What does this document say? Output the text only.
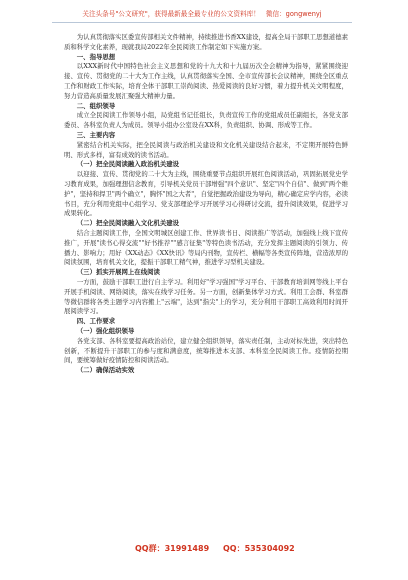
关注头条号"公文研究"，获得最新最全最专业的公文资料库！ 微信：gongwenyj

为认真贯彻落实区委宣传部相关文件精神，持续推进书香XX建设，提高全局干部职工思想道德素质和科学文化素养，现就我局2022年全民阅读工作制定如下实施方案。

一、指导思想

以XXX新时代中国特色社会主义思想和党的十九大和十九届历次全会精神为指导，紧紧围绕迎接、宣传、贯彻党的二十大为工作主线，认真贯彻落实全国、全市宣传部长会议精神，围绕全区重点工作和财政工作实际，培育全体干部职工崇尚阅读、热爱阅读的良好习惯，着力提升机关文明程度，努力营造高质量发展汇聚强大精神力量。

二、组织领导

成立全民阅读工作领导小组，局党组书记任组长，负责宣传工作的党组成员任副组长，各党支部委员、各科室负责人为成员。领导小组办公室设在XX科，负责组织、协调、形成等工作。

三、主要内容

紧密结合机关实际，把全民阅读与政治机关建设和文化机关建设结合起来，不定期开展特色鲜明、形式多样，富有成效的读书活动。

（一）把全民阅读融入政治机关建设

以迎接、宣传、贯彻党的二十大为主线，围绕重要节点组织开展红色阅读活动，巩固拓展党史学习教育成果，加强理想信念教育，引导机关党员干部增强"四个意识"、坚定"四个自信"、做到"两个维护"，坚持和捍卫"两个确立"，胸怀"国之大者"，自觉把握政治建设为导向，精心确定应学内容，必读书目，充分利用党组中心组学习、党支部理论学习开展学习心得研讨交流，提升阅读效果，促进学习成果转化。

（二）把全民阅读融入文化机关建设

结合主题阅读工作，全国文明城区创建工作、世界读书日、阅读推广等活动，加强线上线下宣传推广，开展"读书心得交流""好书推荐""感言征集"等特色读书活动，充分发挥主题阅读的引领力、传播力、影响力；用好《XX动态》《XX快讯》等局内刊物，宣传栏、横幅等各类宣传阵地，营造浓厚的阅读氛围，培育机关文化，提振干部职工精气神，推进学习型机关建设。

（三）抓实开展网上在线阅读

一方面，鼓励干部职工进行自主学习。利用好"学习强国"学习平台、干部教育培训网等线上平台开展手机阅读、网络阅读，落实在线学习任务。另一方面，创新集体学习方式。利用工会群、科室群等微信群将各类主题学习内容搬上"云端"，达到"指尖"上的学习，充分利用干部职工高效利用时间开展阅读学习。

四、工作要求
（一）强化组织领导

各党支部、各科室要提高政治站位，建立健全组织领导，落实责任制，主动对标先进，突出特色创新，不断提升干部职工的参与度和满意度，统筹推进本支部、本科室全民阅读工作。疫情防控期间，要统筹做好疫情防控和阅读活动。

（二）确保活动实效
QQ群：31991489 QQ：535304092
